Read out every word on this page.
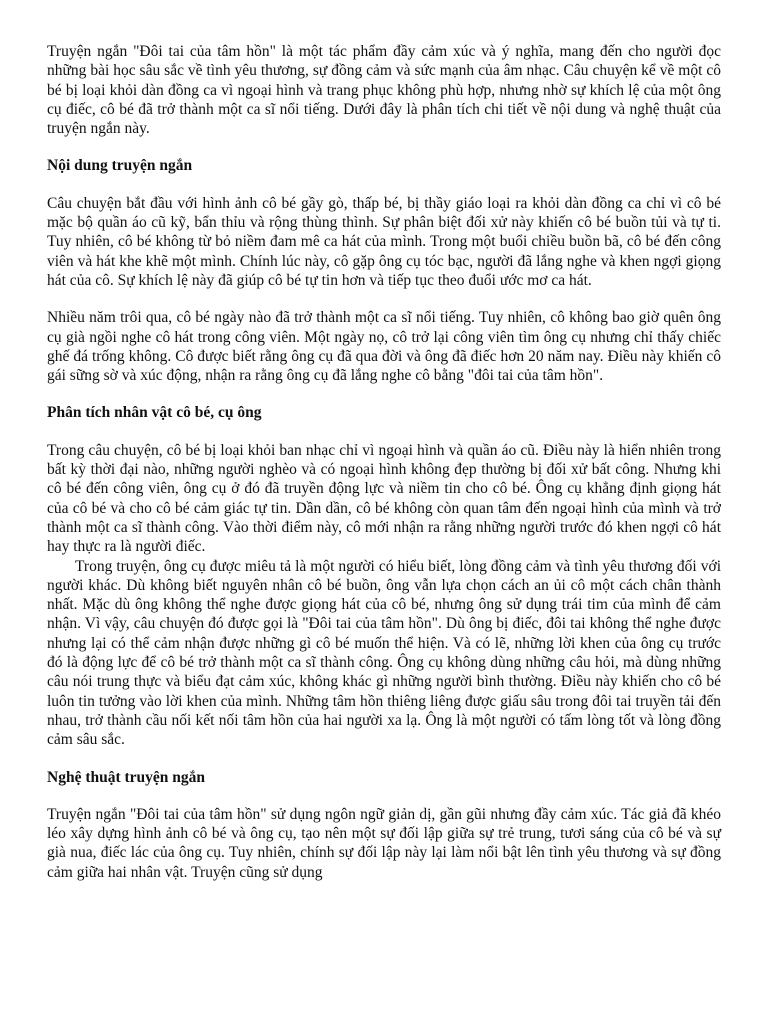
Truyện ngắn "Đôi tai của tâm hồn" là một tác phẩm đầy cảm xúc và ý nghĩa, mang đến cho người đọc những bài học sâu sắc về tình yêu thương, sự đồng cảm và sức mạnh của âm nhạc. Câu chuyện kể về một cô bé bị loại khỏi dàn đồng ca vì ngoại hình và trang phục không phù hợp, nhưng nhờ sự khích lệ của một ông cụ điếc, cô bé đã trở thành một ca sĩ nổi tiếng. Dưới đây là phân tích chi tiết về nội dung và nghệ thuật của truyện ngắn này.

Nội dung truyện ngắn

Câu chuyện bắt đầu với hình ảnh cô bé gầy gò, thấp bé, bị thầy giáo loại ra khỏi dàn đồng ca chỉ vì cô bé mặc bộ quần áo cũ kỹ, bẩn thỉu và rộng thùng thình. Sự phân biệt đối xử này khiến cô bé buồn tủi và tự ti. Tuy nhiên, cô bé không từ bỏ niềm đam mê ca hát của mình. Trong một buổi chiều buồn bã, cô bé đến công viên và hát khe khẽ một mình. Chính lúc này, cô gặp ông cụ tóc bạc, người đã lắng nghe và khen ngợi giọng hát của cô. Sự khích lệ này đã giúp cô bé tự tin hơn và tiếp tục theo đuổi ước mơ ca hát.

Nhiều năm trôi qua, cô bé ngày nào đã trở thành một ca sĩ nổi tiếng. Tuy nhiên, cô không bao giờ quên ông cụ già ngồi nghe cô hát trong công viên. Một ngày nọ, cô trở lại công viên tìm ông cụ nhưng chỉ thấy chiếc ghế đá trống không. Cô được biết rằng ông cụ đã qua đời và ông đã điếc hơn 20 năm nay. Điều này khiến cô gái sững sờ và xúc động, nhận ra rằng ông cụ đã lắng nghe cô bằng "đôi tai của tâm hồn".

Phân tích nhân vật cô bé, cụ ông

Trong câu chuyện, cô bé bị loại khỏi ban nhạc chỉ vì ngoại hình và quần áo cũ. Điều này là hiển nhiên trong bất kỳ thời đại nào, những người nghèo và có ngoại hình không đẹp thường bị đối xử bất công. Nhưng khi cô bé đến công viên, ông cụ ở đó đã truyền động lực và niềm tin cho cô bé. Ông cụ khẳng định giọng hát của cô bé và cho cô bé cảm giác tự tin. Dần dần, cô bé không còn quan tâm đến ngoại hình của mình và trở thành một ca sĩ thành công. Vào thời điểm này, cô mới nhận ra rằng những người trước đó khen ngợi cô hát hay thực ra là người điếc.

Trong truyện, ông cụ được miêu tả là một người có hiểu biết, lòng đồng cảm và tình yêu thương đối với người khác. Dù không biết nguyên nhân cô bé buồn, ông vẫn lựa chọn cách an ủi cô một cách chân thành nhất. Mặc dù ông không thể nghe được giọng hát của cô bé, nhưng ông sử dụng trái tim của mình để cảm nhận. Vì vậy, câu chuyện đó được gọi là "Đôi tai của tâm hồn". Dù ông bị điếc, đôi tai không thể nghe được nhưng lại có thể cảm nhận được những gì cô bé muốn thể hiện. Và có lẽ, những lời khen của ông cụ trước đó là động lực để cô bé trở thành một ca sĩ thành công. Ông cụ không dùng những câu hỏi, mà dùng những câu nói trung thực và biểu đạt cảm xúc, không khác gì những người bình thường. Điều này khiến cho cô bé luôn tin tưởng vào lời khen của mình. Những tâm hồn thiêng liêng được giấu sâu trong đôi tai truyền tải đến nhau, trở thành cầu nối kết nối tâm hồn của hai người xa lạ. Ông là một người có tấm lòng tốt và lòng đồng cảm sâu sắc.

Nghệ thuật truyện ngắn

Truyện ngắn "Đôi tai của tâm hồn" sử dụng ngôn ngữ giản dị, gần gũi nhưng đầy cảm xúc. Tác giả đã khéo léo xây dựng hình ảnh cô bé và ông cụ, tạo nên một sự đối lập giữa sự trẻ trung, tươi sáng của cô bé và sự già nua, điếc lác của ông cụ. Tuy nhiên, chính sự đối lập này lại làm nổi bật lên tình yêu thương và sự đồng cảm giữa hai nhân vật. Truyện cũng sử dụng
